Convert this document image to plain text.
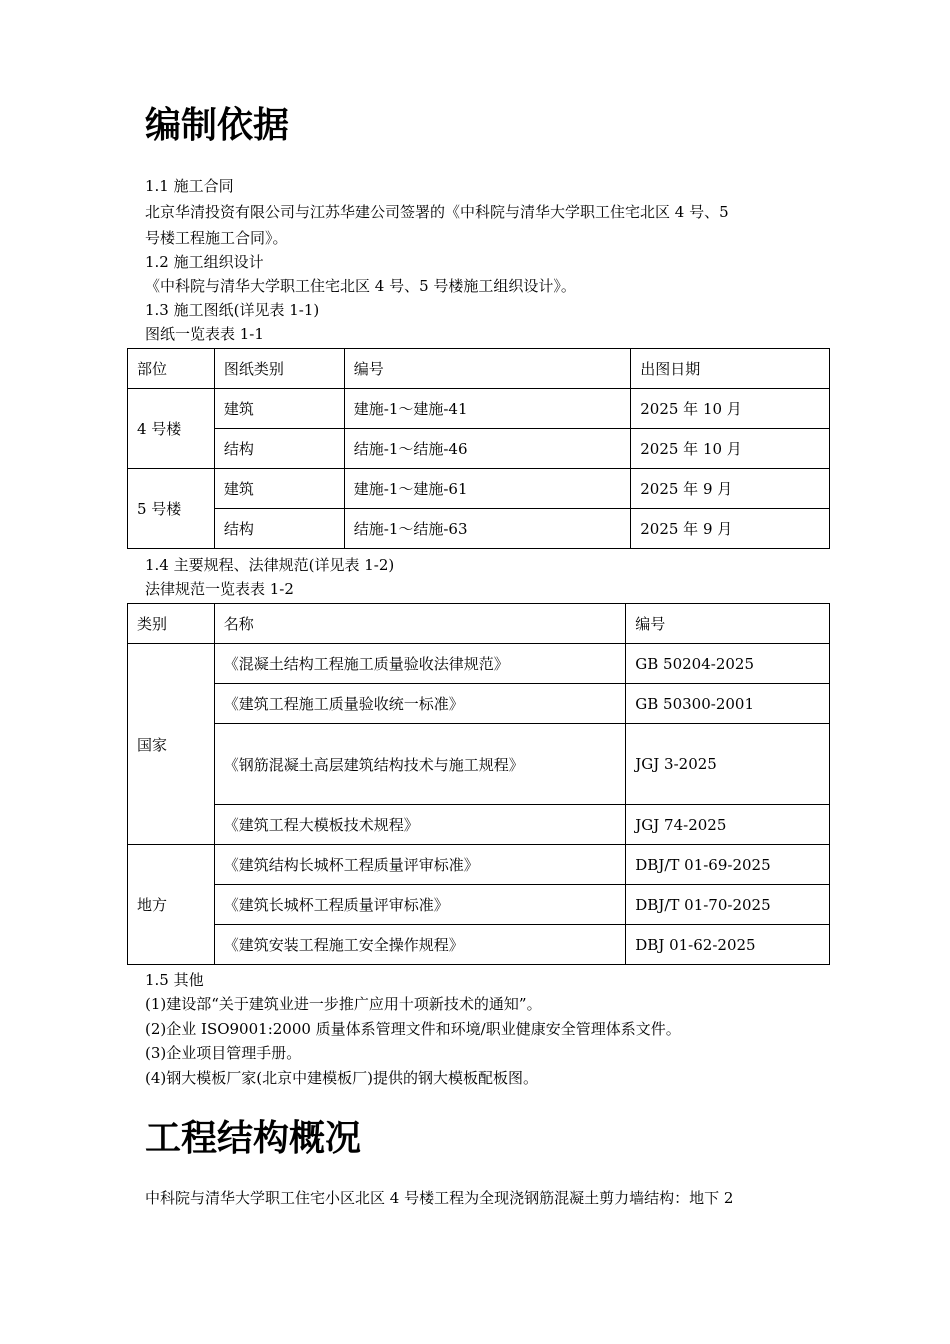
编制依据

1.1 施工合同

北京华清投资有限公司与江苏华建公司签署的《中科院与清华大学职工住宅北区 4 号、5

号楼工程施工合同》。

1.2 施工组织设计

《中科院与清华大学职工住宅北区 4 号、5 号楼施工组织设计》。

1.3 施工图纸(详见表 1-1)

图纸一览表表 1-1

部位	图纸类别	编号	出图日期
4 号楼	建筑	建施-1～建施-41	2025 年 10 月
	结构	结施-1～结施-46	2025 年 10 月
5 号楼	建筑	建施-1～建施-61	2025 年 9 月
	结构	结施-1～结施-63	2025 年 9 月

1.4 主要规程、法律规范(详见表 1-2)

法律规范一览表表 1-2

类别	名称	编号
国家	《混凝土结构工程施工质量验收法律规范》	GB 50204-2025
	《建筑工程施工质量验收统一标准》	GB 50300-2001
	《钢筋混凝土高层建筑结构技术与施工规程》	JGJ 3-2025
	《建筑工程大模板技术规程》	JGJ 74-2025
地方	《建筑结构长城杯工程质量评审标准》	DBJ/T 01-69-2025
	《建筑长城杯工程质量评审标准》	DBJ/T 01-70-2025
	《建筑安装工程施工安全操作规程》	DBJ 01-62-2025

1.5 其他

(1)建设部“关于建筑业进一步推广应用十项新技术的通知”。

(2)企业 ISO9001:2000 质量体系管理文件和环境/职业健康安全管理体系文件。

(3)企业项目管理手册。

(4)钢大模板厂家(北京中建模板厂)提供的钢大模板配板图。

工程结构概况

中科院与清华大学职工住宅小区北区 4 号楼工程为全现浇钢筋混凝土剪力墙结构：地下 2
